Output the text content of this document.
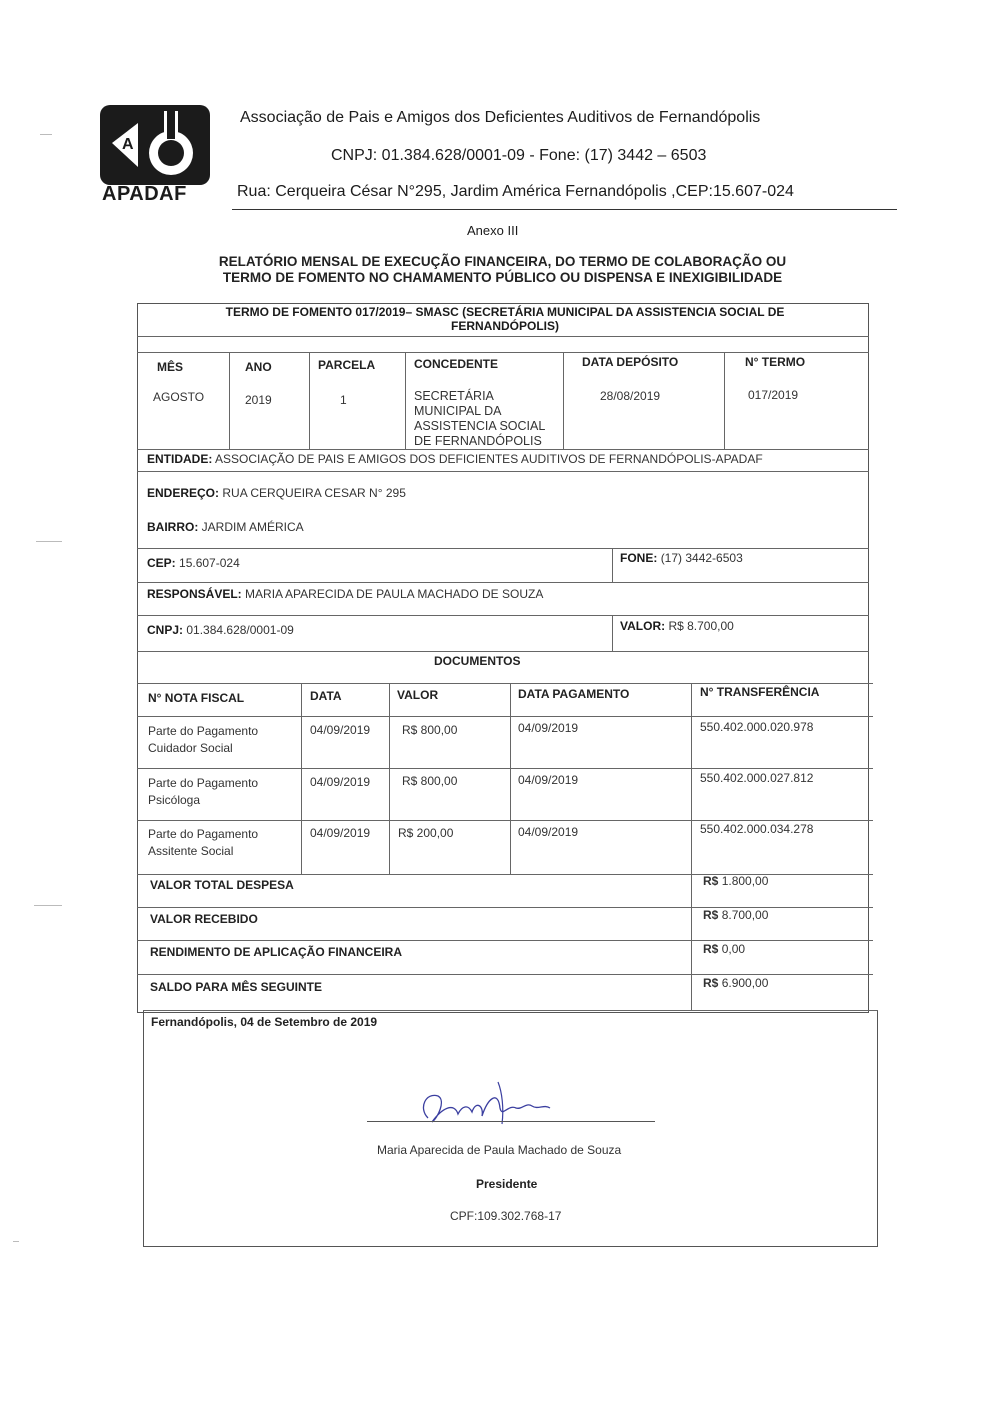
A
APADAF
Associação de Pais e Amigos dos Deficientes Auditivos de Fernandópolis
CNPJ: 01.384.628/0001-09 - Fone: (17) 3442 – 6503
Rua: Cerqueira César N°295, Jardim América Fernandópolis ,CEP:15.607-024
Anexo III
RELATÓRIO MENSAL DE EXECUÇÃO FINANCEIRA, DO TERMO DE COLABORAÇÃO OU
TERMO DE FOMENTO NO CHAMAMENTO PÚBLICO OU DISPENSA E INEXIGIBILIDADE
TERMO DE FOMENTO 017/2019– SMASC (SECRETÁRIA MUNICIPAL DA ASSISTENCIA SOCIAL DE
FERNANDÓPOLIS)
MÊS	ANO	PARCELA	CONCEDENTE	DATA DEPÓSITO	N° TERMO
AGOSTO	2019	1	SECRETÁRIA
MUNICIPAL DA
ASSISTENCIA SOCIAL
DE FERNANDÓPOLIS
28/08/2019	017/2019
ENTIDADE: ASSOCIAÇÃO DE PAIS E AMIGOS DOS DEFICIENTES AUDITIVOS DE FERNANDÓPOLIS-APADAF
ENDEREÇO: RUA CERQUEIRA CESAR N° 295
BAIRRO: JARDIM AMÉRICA
CEP: 15.607-024	FONE: (17) 3442-6503
RESPONSÁVEL: MARIA APARECIDA DE PAULA MACHADO DE SOUZA
CNPJ: 01.384.628/0001-09	VALOR: R$ 8.700,00
DOCUMENTOS
N° NOTA FISCAL	DATA	VALOR	DATA PAGAMENTO	N° TRANSFERÊNCIA
Parte do Pagamento
Cuidador Social
04/09/2019	R$ 800,00	04/09/2019	550.402.000.020.978
Parte do Pagamento
Psicóloga
04/09/2019	R$ 800,00	04/09/2019	550.402.000.027.812
Parte do Pagamento
Assitente Social
04/09/2019 R$ 200,00	04/09/2019	550.402.000.034.278
VALOR TOTAL DESPESA	R$ 1.800,00
VALOR RECEBIDO	R$ 8.700,00
RENDIMENTO DE APLICAÇÃO FINANCEIRA	R$ 0,00
SALDO PARA MÊS SEGUINTE	R$ 6.900,00
Fernandópolis, 04 de Setembro de 2019
Maria Aparecida de Paula Machado de Souza
Presidente
CPF:109.302.768-17
